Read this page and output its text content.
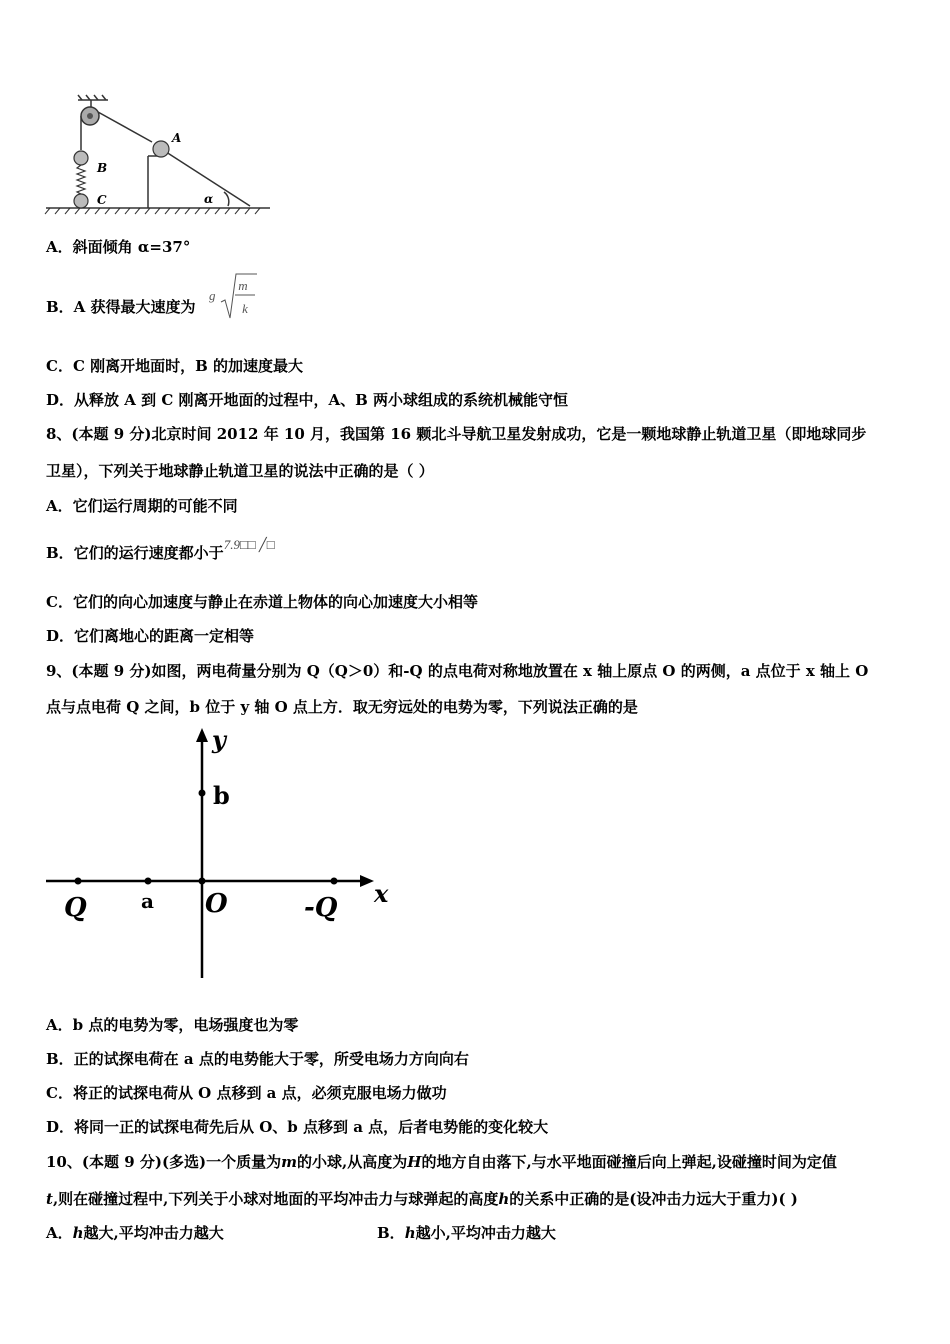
A
B
C	α
A．斜面倾角 α=37°
B．A 获得最大速度为
g
m
k
C．C 刚离开地面时，B 的加速度最大
D．从释放 A 到 C 刚离开地面的过程中，A、B 两小球组成的系统机械能守恒
8、(本题 9 分)北京时间 2012 年 10 月，我国第 16 颗北斗导航卫星发射成功，它是一颗地球静止轨道卫星（即地球同步
卫星），下列关于地球静止轨道卫星的说法中正确的是（ ）
A．它们运行周期的可能不同
B．它们的运行速度都小于7.9□□ ╱□
C．它们的向心加速度与静止在赤道上物体的向心加速度大小相等
D．它们离地心的距离一定相等
9、(本题 9 分)如图，两电荷量分别为 Q（Q＞0）和-Q 的点电荷对称地放置在 x 轴上原点 O 的两侧，a 点位于 x 轴上 O
点与点电荷 Q 之间，b 位于 y 轴 O 点上方．取无穷远处的电势为零，下列说法正确的是
y
b
x
Q	a O	-Q
A．b 点的电势为零，电场强度也为零
B．正的试探电荷在 a 点的电势能大于零，所受电场力方向向右
C．将正的试探电荷从 O 点移到 a 点，必须克服电场力做功
D．将同一正的试探电荷先后从 O、b 点移到 a 点，后者电势能的变化较大
10、(本题 9 分)(多选)一个质量为m的小球,从高度为H的地方自由落下,与水平地面碰撞后向上弹起,设碰撞时间为定值
t,则在碰撞过程中,下列关于小球对地面的平均冲击力与球弹起的高度h的关系中正确的是(设冲击力远大于重力)( )
A．h越大,平均冲击力越大	B．h越小,平均冲击力越大
